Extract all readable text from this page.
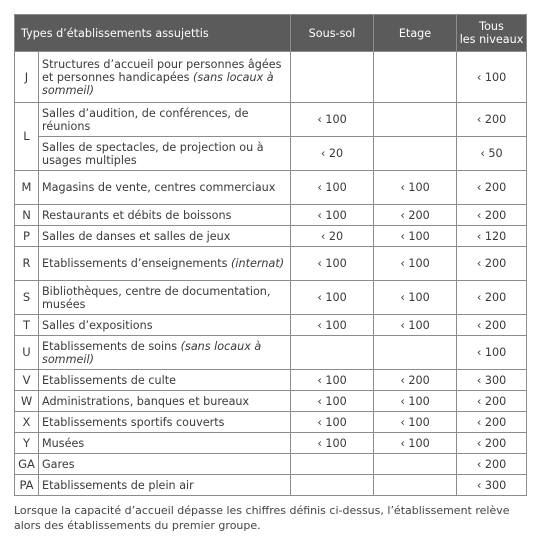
Types d’établissements assujettis		Sous-sol	Etage	Tous
les niveaux
J	Structures d’accueil pour personnes âgées et personnes handicapées (sans locaux à sommeil)			‹ 100
L	Salles d’audition, de conférences, de réunions	‹ 100		‹ 200
	Salles de spectacles, de projection ou à usages multiples	‹ 20		‹ 50
M	Magasins de vente, centres commerciaux	‹ 100	‹ 100	‹ 200
N	Restaurants et débits de boissons	‹ 100	‹ 200	‹ 200
P	Salles de danses et salles de jeux	‹ 20	‹ 100	‹ 120
R	Etablissements d’enseignements (internat)	‹ 100	‹ 100	‹ 200
S	Bibliothèques, centre de documentation, musées	‹ 100	‹ 100	‹ 200
T	Salles d’expositions	‹ 100	‹ 100	‹ 200
U	Etablissements de soins (sans locaux à sommeil)			‹ 100
V	Etablissements de culte	‹ 100	‹ 200	‹ 300
W	Administrations, banques et bureaux	‹ 100	‹ 100	‹ 200
X	Etablissements sportifs couverts	‹ 100	‹ 100	‹ 200
Y	Musées	‹ 100	‹ 100	‹ 200
GA	Gares			‹ 200
PA	Etablissements de plein air			‹ 300

Lorsque la capacité d’accueil dépasse les chiffres définis ci-dessus, l’établissement relève alors des établissements du premier groupe.
